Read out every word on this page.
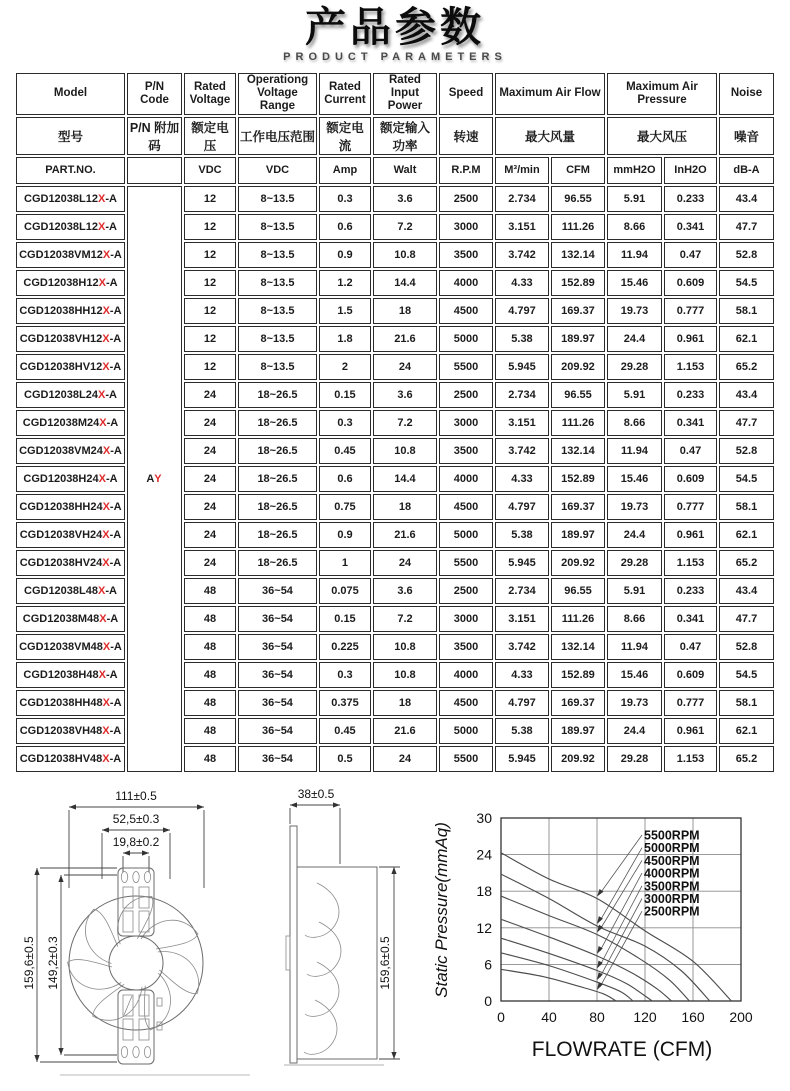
产品参数
PRODUCT PARAMETERS
Model	P/N Code	Rated Voltage	Operationg Voltage Range	Rated Current	Rated Input Power	Speed	Maximum Air Flow		Maximum Air Pressure		Noise
型号	P/N 附加码	额定电压	工作电压范围	额定电流	额定输入功率	转速	最大风量		最大风压		噪音
PART.NO.		VDC	VDC	Amp	Walt	R.P.M	M³/min	CFM	mmH2O	InH2O	dB-A
CGD12038L12X-A	AY	12	8~13.5	0.3	3.6	2500	2.734	96.55	5.91	0.233	43.4
CGD12038L12X-A		12	8~13.5	0.6	7.2	3000	3.151	111.26	8.66	0.341	47.7
CGD12038VM12X-A		12	8~13.5	0.9	10.8	3500	3.742	132.14	11.94	0.47	52.8
CGD12038H12X-A		12	8~13.5	1.2	14.4	4000	4.33	152.89	15.46	0.609	54.5
CGD12038HH12X-A		12	8~13.5	1.5	18	4500	4.797	169.37	19.73	0.777	58.1
CGD12038VH12X-A		12	8~13.5	1.8	21.6	5000	5.38	189.97	24.4	0.961	62.1
CGD12038HV12X-A		12	8~13.5	2	24	5500	5.945	209.92	29.28	1.153	65.2
CGD12038L24X-A		24	18~26.5	0.15	3.6	2500	2.734	96.55	5.91	0.233	43.4
CGD12038M24X-A		24	18~26.5	0.3	7.2	3000	3.151	111.26	8.66	0.341	47.7
CGD12038VM24X-A		24	18~26.5	0.45	10.8	3500	3.742	132.14	11.94	0.47	52.8
CGD12038H24X-A		24	18~26.5	0.6	14.4	4000	4.33	152.89	15.46	0.609	54.5
CGD12038HH24X-A		24	18~26.5	0.75	18	4500	4.797	169.37	19.73	0.777	58.1
CGD12038VH24X-A		24	18~26.5	0.9	21.6	5000	5.38	189.97	24.4	0.961	62.1
CGD12038HV24X-A		24	18~26.5	1	24	5500	5.945	209.92	29.28	1.153	65.2
CGD12038L48X-A		48	36~54	0.075	3.6	2500	2.734	96.55	5.91	0.233	43.4
CGD12038M48X-A		48	36~54	0.15	7.2	3000	3.151	111.26	8.66	0.341	47.7
CGD12038VM48X-A		48	36~54	0.225	10.8	3500	3.742	132.14	11.94	0.47	52.8
CGD12038H48X-A		48	36~54	0.3	10.8	4000	4.33	152.89	15.46	0.609	54.5
CGD12038HH48X-A		48	36~54	0.375	18	4500	4.797	169.37	19.73	0.777	58.1
CGD12038VH48X-A		48	36~54	0.45	21.6	5000	5.38	189.97	24.4	0.961	62.1
CGD12038HV48X-A		48	36~54	0.5	24	5500	5.945	209.92	29.28	1.153	65.2
111±0.5
52,5±0.3
19,8±0.2
159,6±0.5 149,2±0.3
38±0.5
159,6±0.5 Static Pressure(mmAq)
0	40 80 120 160 200
0
6
12
18
24
30
5500RPM
5000RPM
4500RPM
4000RPM
3500RPM
3000RPM
2500RPM
FLOWRATE (CFM)
